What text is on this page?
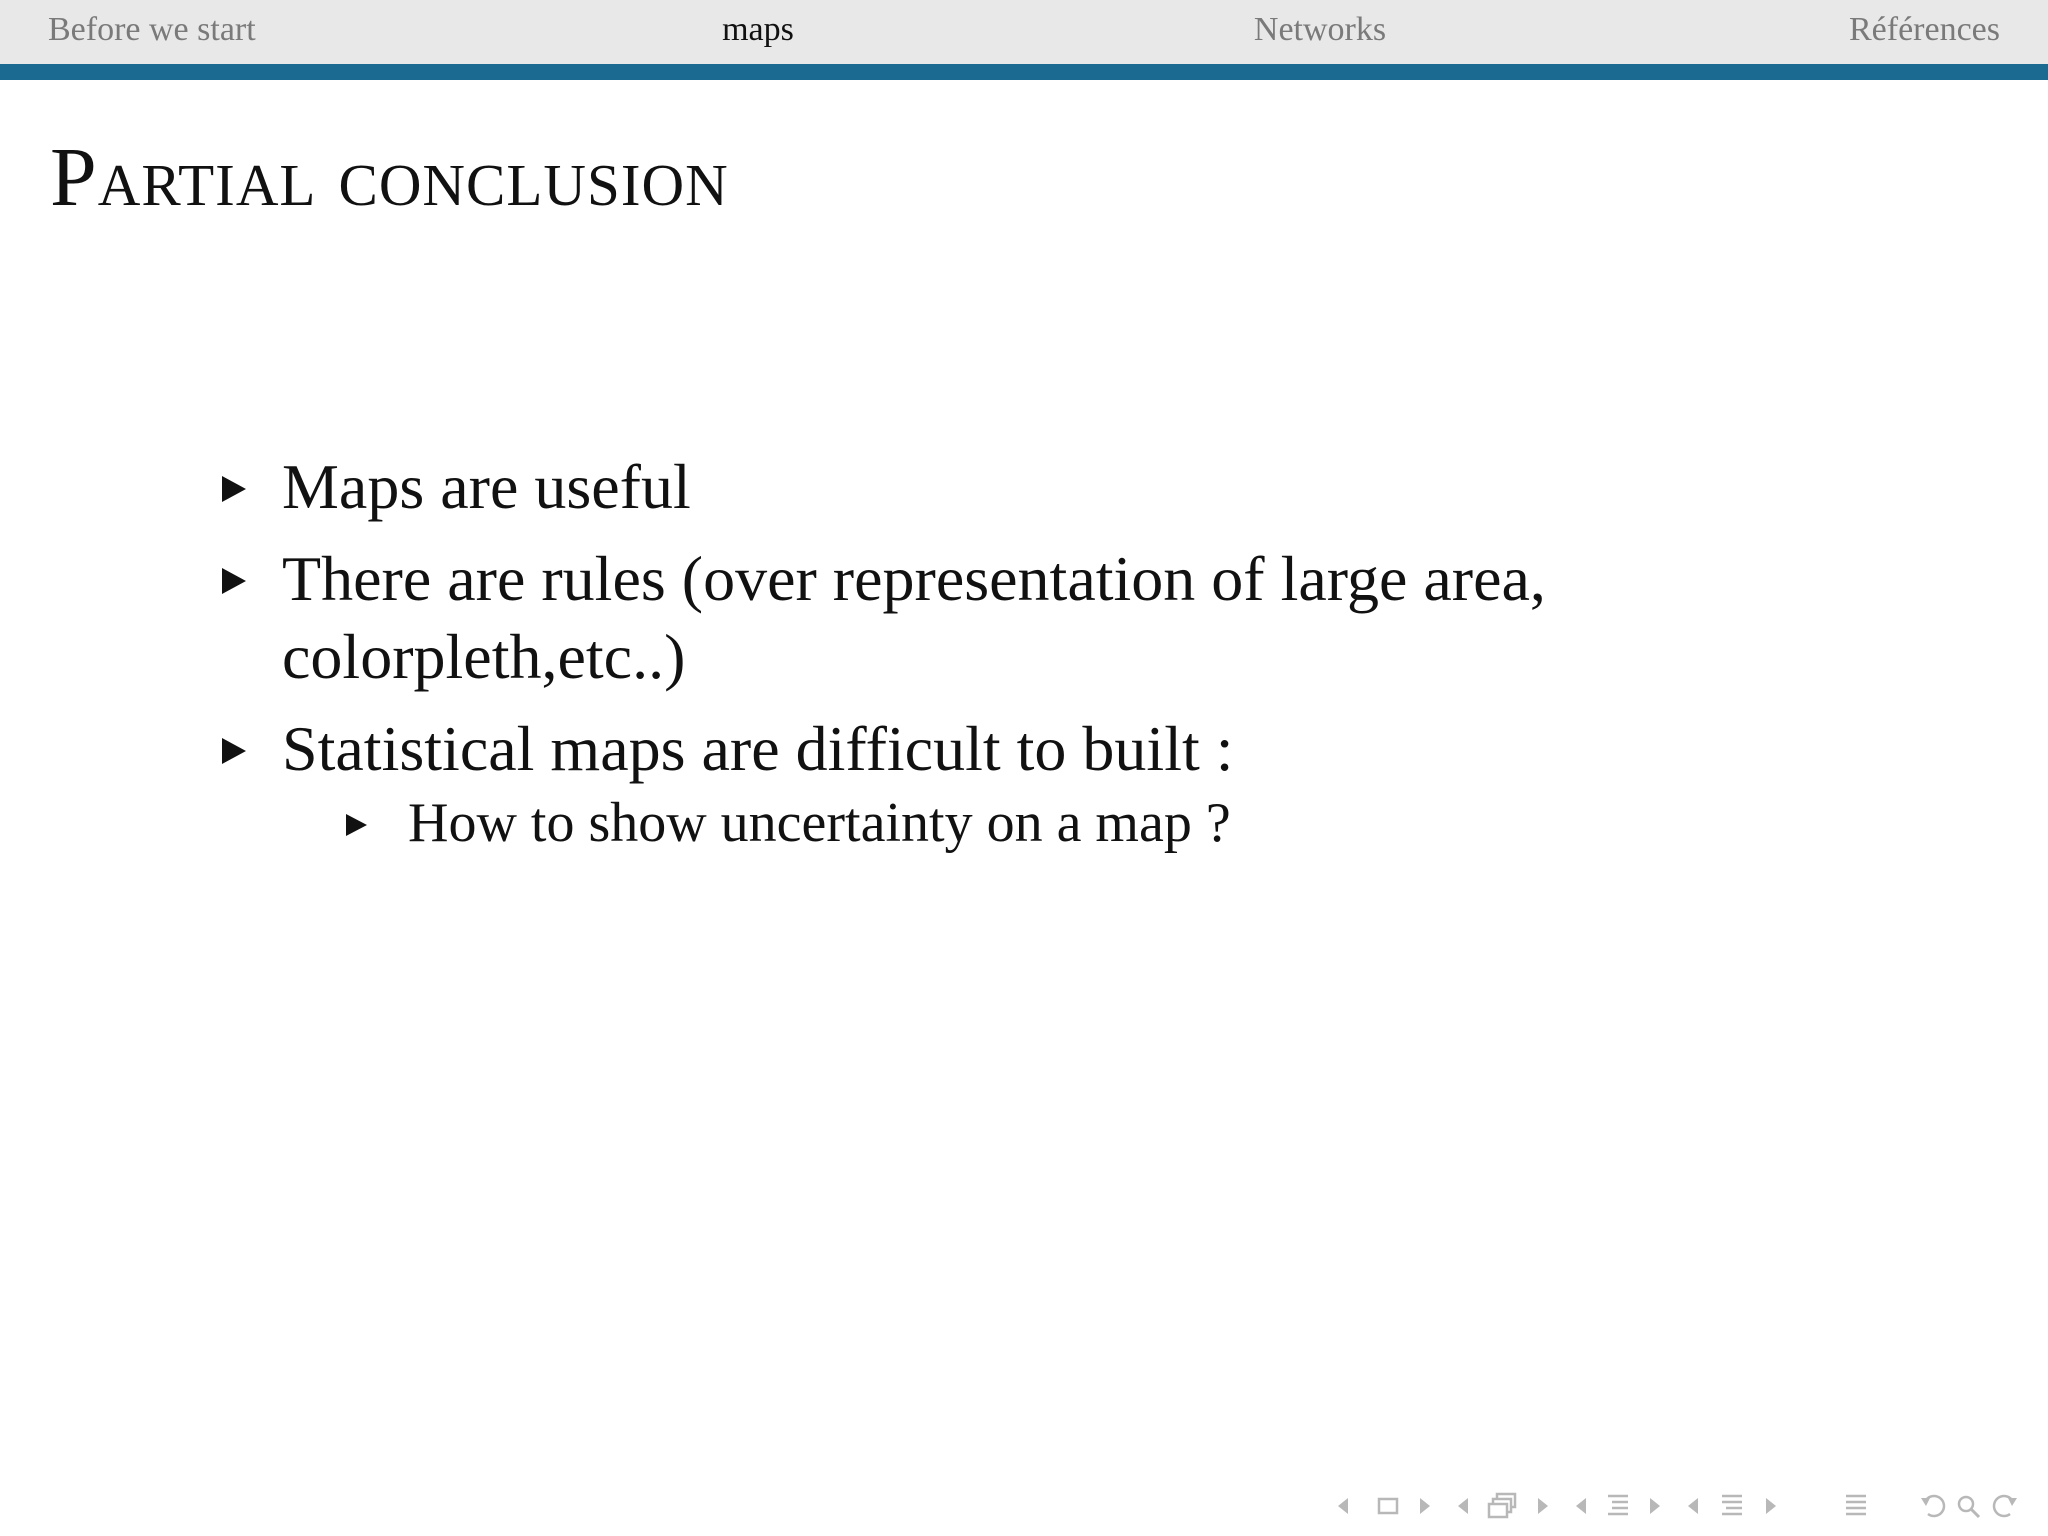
Before we start	maps	Networks	Références
Partial conclusion
Maps are useful
There are rules (over representation of large area, colorpleth,etc..)
Statistical maps are difficult to built :
How to show uncertainty on a map ?
